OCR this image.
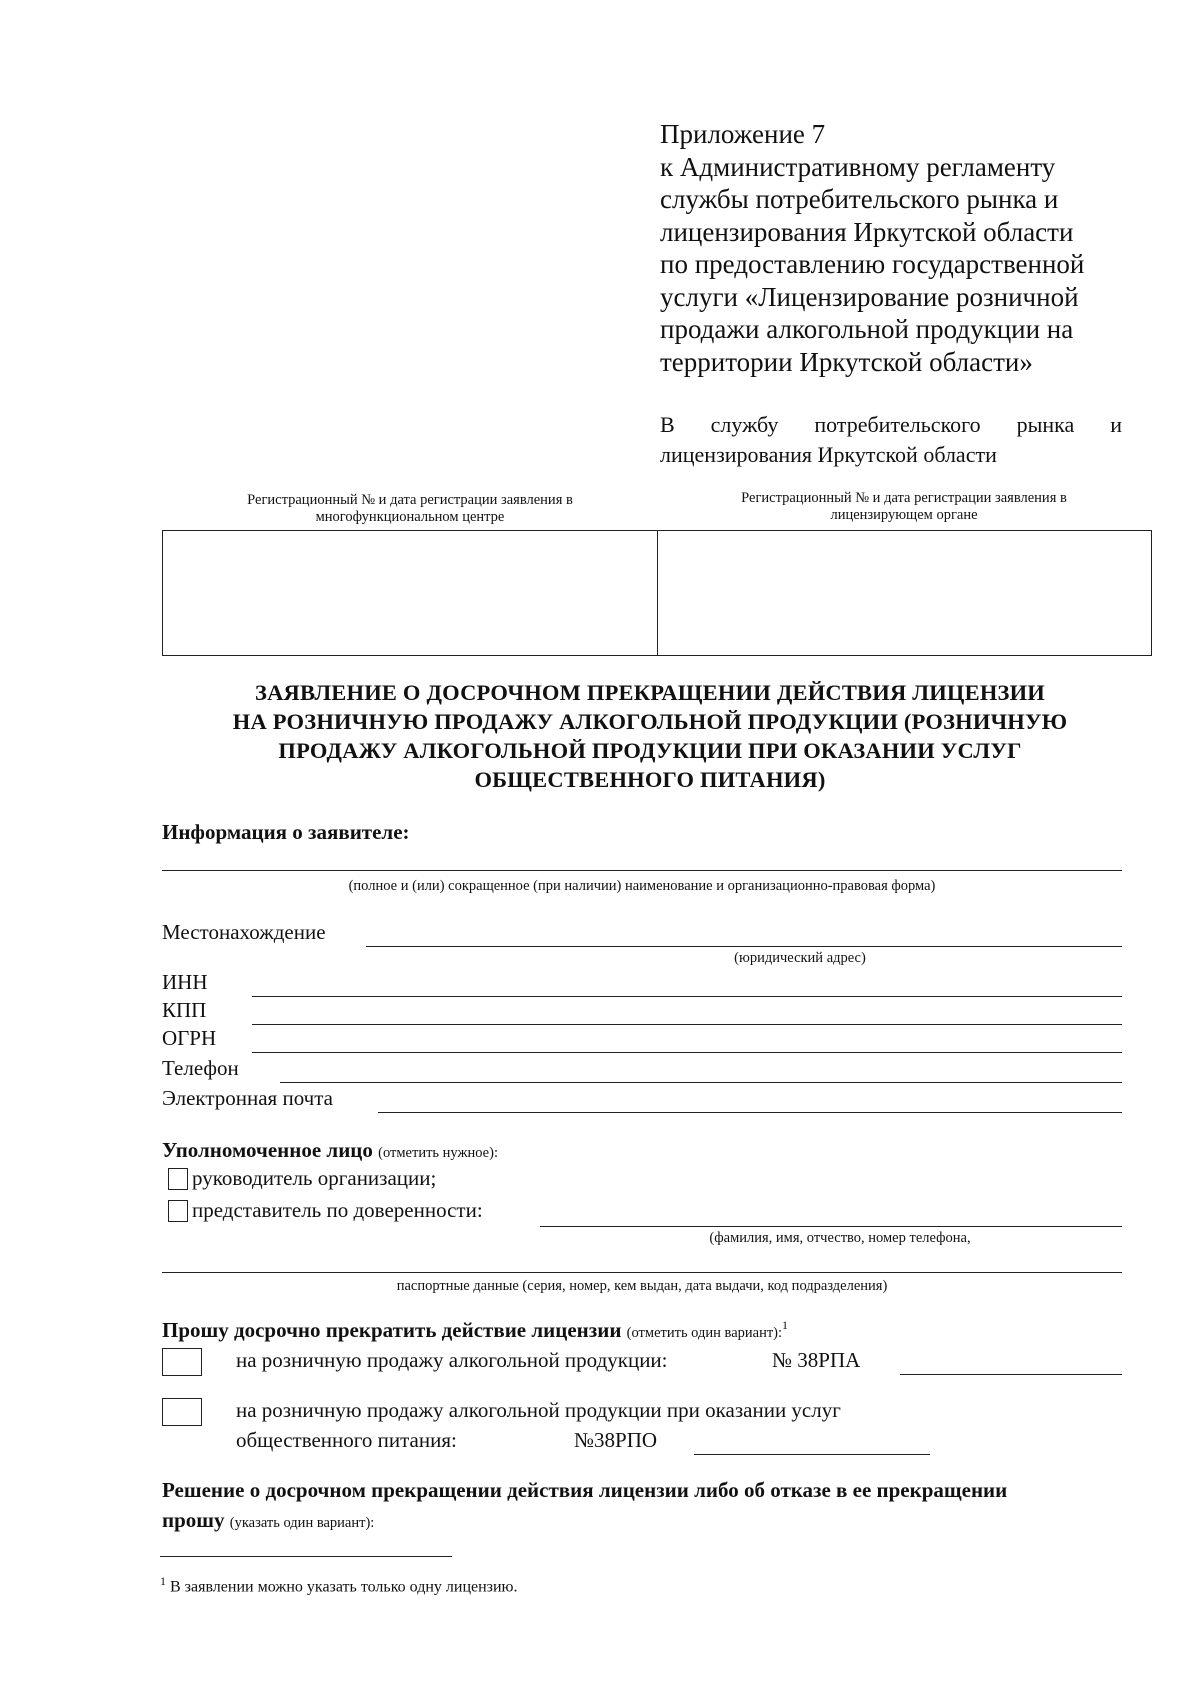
Приложение 7
к Административному регламенту
службы потребительского рынка и
лицензирования Иркутской области
по предоставлению государственной
услуги «Лицензирование розничной
продажи алкогольной продукции на
территории Иркутской области»
В службу потребительского рынка и
лицензирования Иркутской области
Регистрационный № и дата регистрации заявления в
многофункциональном центре
Регистрационный № и дата регистрации заявления в
лицензирующем органе
ЗАЯВЛЕНИЕ О ДОСРОЧНОМ ПРЕКРАЩЕНИИ ДЕЙСТВИЯ ЛИЦЕНЗИИ
НА РОЗНИЧНУЮ ПРОДАЖУ АЛКОГОЛЬНОЙ ПРОДУКЦИИ (РОЗНИЧНУЮ
ПРОДАЖУ АЛКОГОЛЬНОЙ ПРОДУКЦИИ ПРИ ОКАЗАНИИ УСЛУГ
ОБЩЕСТВЕННОГО ПИТАНИЯ)
Информация о заявителе:
(полное и (или) сокращенное (при наличии) наименование и организационно-правовая форма)
Местонахождение
(юридический адрес)
ИНН
КПП
ОГРН
Телефон
Электронная почта
Уполномоченное лицо (отметить нужное):
руководитель организации;
представитель по доверенности:
(фамилия, имя, отчество, номер телефона,
паспортные данные (серия, номер, кем выдан, дата выдачи, код подразделения)
Прошу досрочно прекратить действие лицензии (отметить один вариант):$^1$
на розничную продажу алкогольной продукции:	№ 38РПА
на розничную продажу алкогольной продукции при оказании услуг
общественного питания:	№38РПО
Решение о досрочном прекращении действия лицензии либо об отказе в ее прекращении
прошу (указать один вариант):
$^1$ В заявлении можно указать только одну лицензию.
